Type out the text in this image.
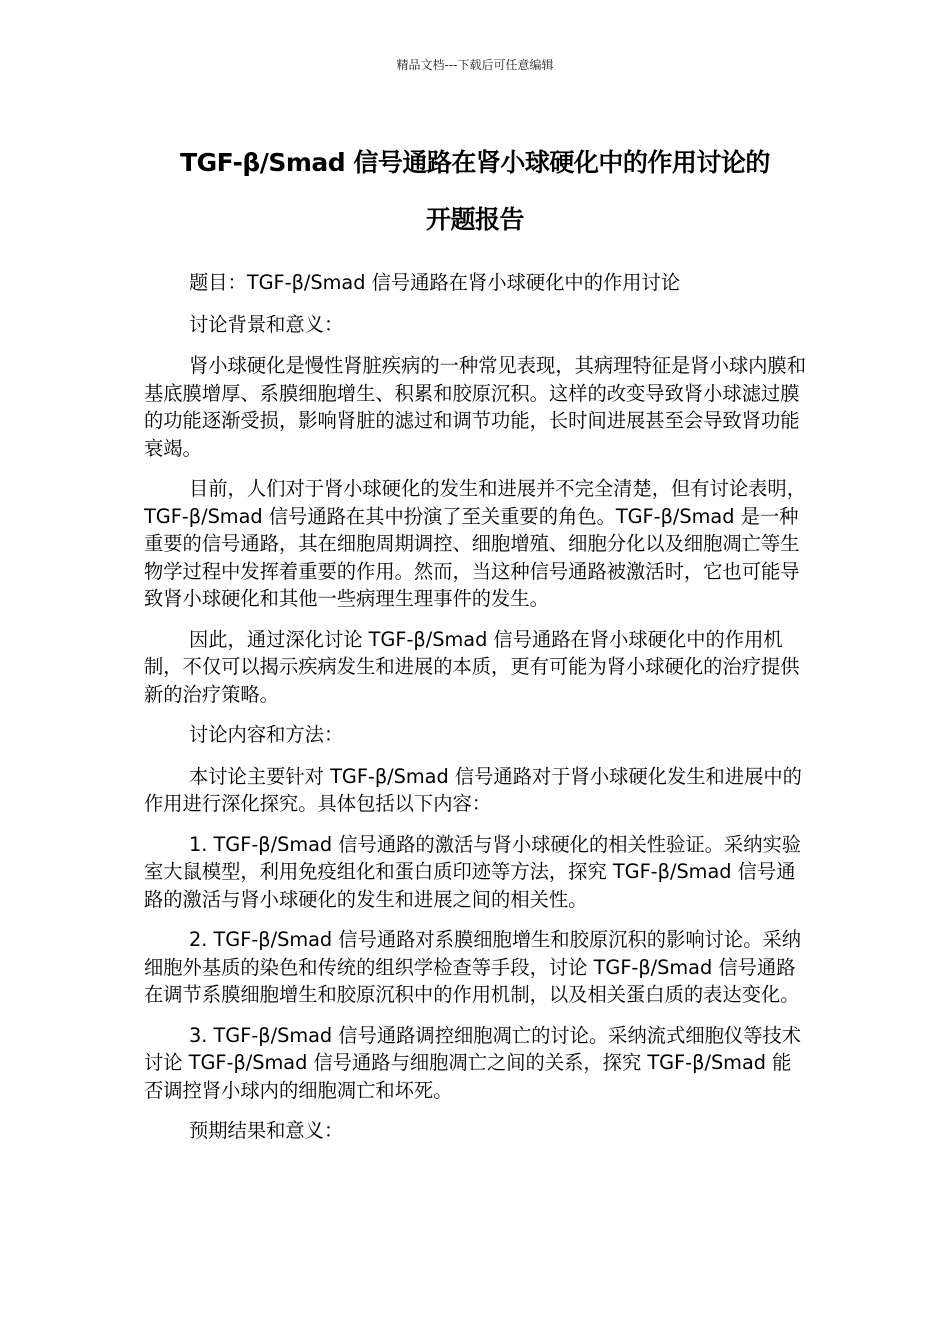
精品文档---下载后可任意编辑
TGF-β/Smad 信号通路在肾小球硬化中的作用讨论的
开题报告

题目：TGF-β/Smad 信号通路在肾小球硬化中的作用讨论

讨论背景和意义：

肾小球硬化是慢性肾脏疾病的一种常见表现，其病理特征是肾小球内膜和基底膜增厚、系膜细胞增生、积累和胶原沉积。这样的改变导致肾小球滤过膜的功能逐渐受损，影响肾脏的滤过和调节功能，长时间进展甚至会导致肾功能衰竭。

目前，人们对于肾小球硬化的发生和进展并不完全清楚，但有讨论表明，TGF-β/Smad 信号通路在其中扮演了至关重要的角色。TGF-β/Smad 是一种重要的信号通路，其在细胞周期调控、细胞增殖、细胞分化以及细胞凋亡等生物学过程中发挥着重要的作用。然而，当这种信号通路被激活时，它也可能导致肾小球硬化和其他一些病理生理事件的发生。

因此，通过深化讨论 TGF-β/Smad 信号通路在肾小球硬化中的作用机制，不仅可以揭示疾病发生和进展的本质，更有可能为肾小球硬化的治疗提供新的治疗策略。

讨论内容和方法：

本讨论主要针对 TGF-β/Smad 信号通路对于肾小球硬化发生和进展中的作用进行深化探究。具体包括以下内容：

1. TGF-β/Smad 信号通路的激活与肾小球硬化的相关性验证。采纳实验室大鼠模型，利用免疫组化和蛋白质印迹等方法，探究 TGF-β/Smad 信号通路的激活与肾小球硬化的发生和进展之间的相关性。

2. TGF-β/Smad 信号通路对系膜细胞增生和胶原沉积的影响讨论。采纳细胞外基质的染色和传统的组织学检查等手段，讨论 TGF-β/Smad 信号通路在调节系膜细胞增生和胶原沉积中的作用机制，以及相关蛋白质的表达变化。

3. TGF-β/Smad 信号通路调控细胞凋亡的讨论。采纳流式细胞仪等技术讨论 TGF-β/Smad 信号通路与细胞凋亡之间的关系，探究 TGF-β/Smad 能否调控肾小球内的细胞凋亡和坏死。

预期结果和意义：
